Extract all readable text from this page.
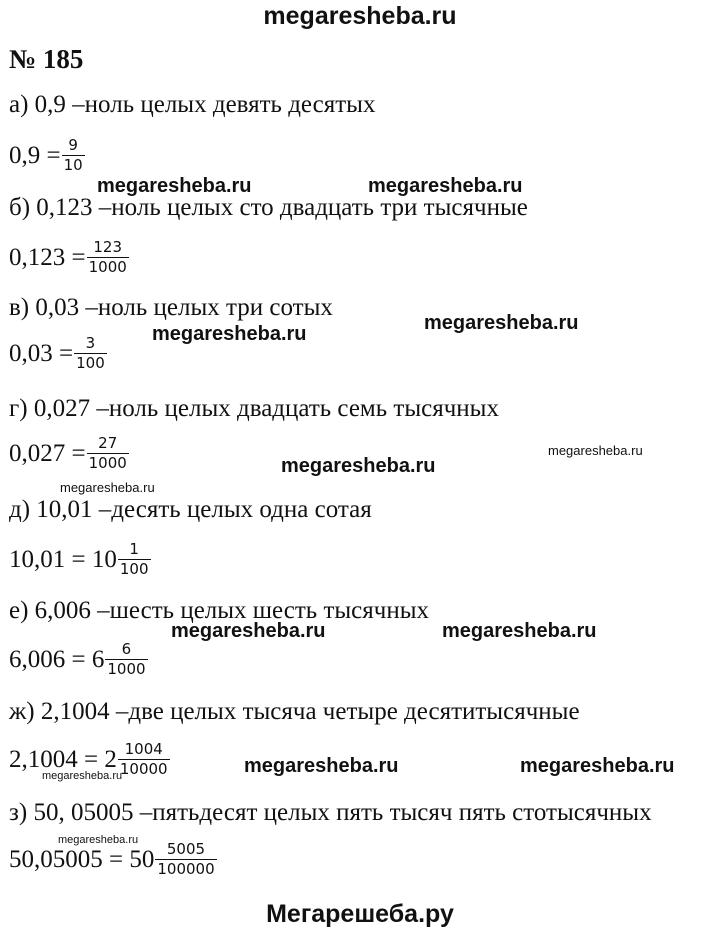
megaresheba.ru
№ 185
а) 0,9 –ноль целых девять десятых
$0,9 = \frac{9}{10}$
б) 0,123 –ноль целых сто двадцать три тысячные
$0,123 = \frac{123}{1000}$
в) 0,03 –ноль целых три сотых
$0,03 = \frac{3}{100}$
г) 0,027 –ноль целых двадцать семь тысячных
$0,027 = \frac{27}{1000}$
д) 10,01 –десять целых одна сотая
$10,01 = 10 \frac{1}{100}$
е) 6,006 –шесть целых шесть тысячных
$6,006 = 6 \frac{6}{1000}$
ж) 2,1004 –две целых тысяча четыре десятитысячные
$2,1004 = 2 \frac{1004}{10000}$
з) 50, 05005 –пятьдесят целых пять тысяч пять стотысячных
$50,05005 = 50 \frac{5005}{100000}$
megaresheba.ru	megaresheba.ru
megaresheba.ru	megaresheba.ru
megaresheba.ru
megaresheba.ru
megaresheba.ru
megaresheba.ru	megaresheba.ru
megaresheba.ru	megaresheba.ru
megaresheba.ru
megaresheba.ru
Мегарешеба.ру
